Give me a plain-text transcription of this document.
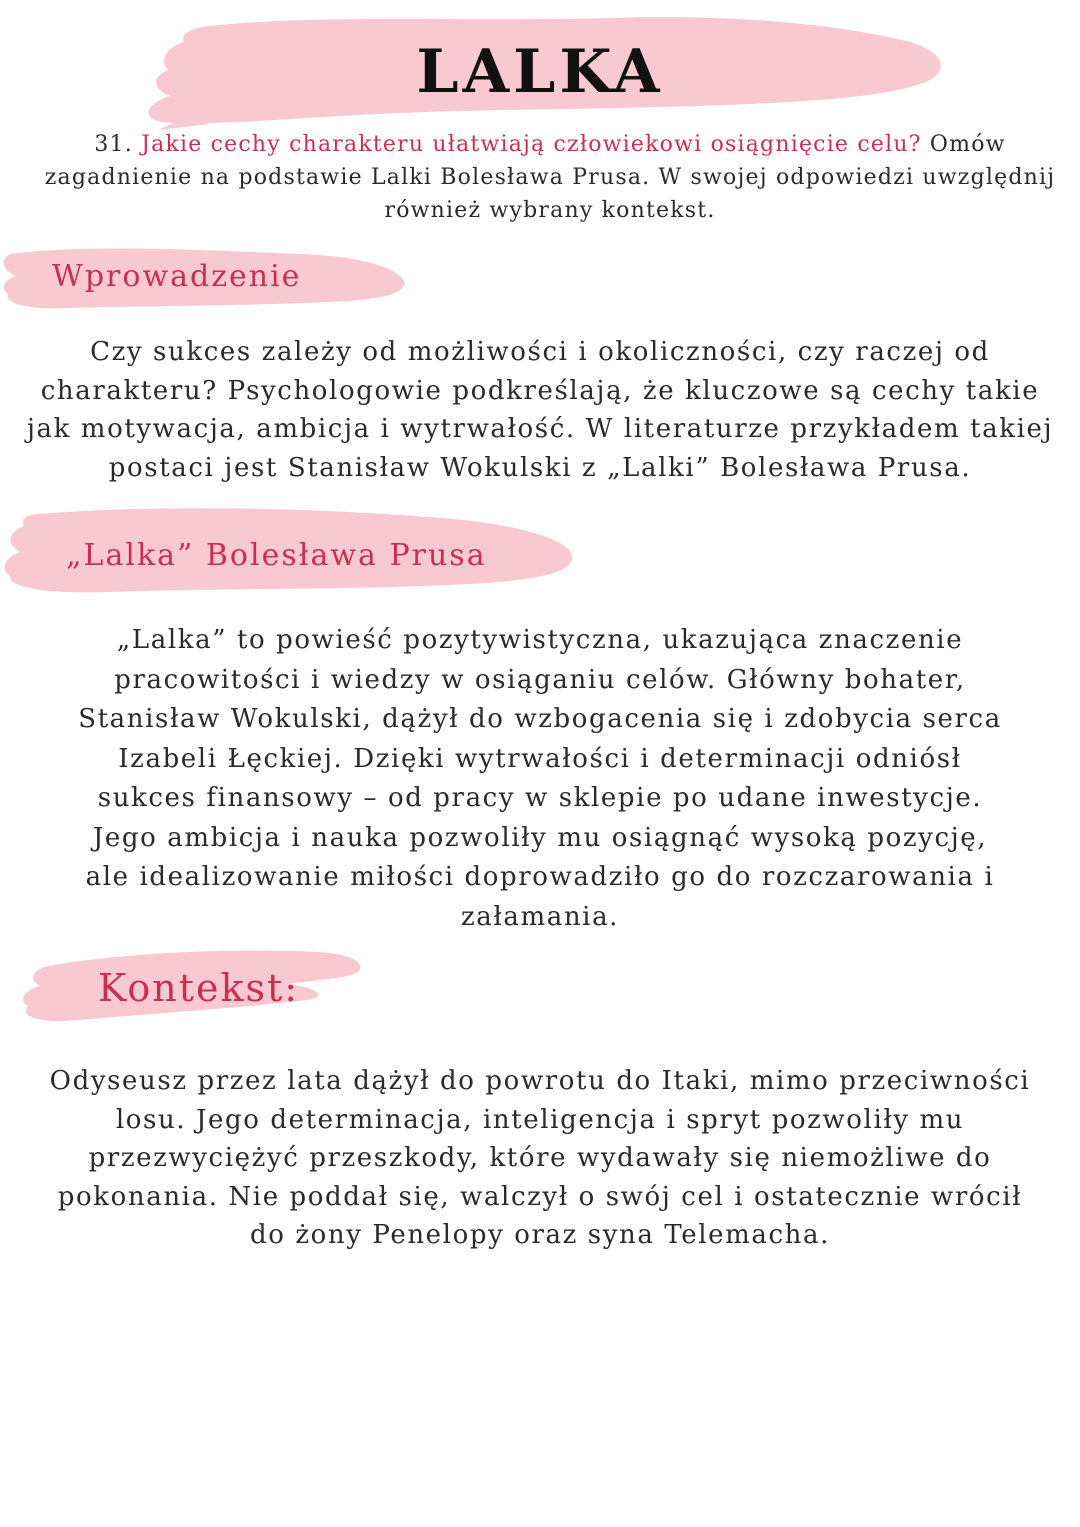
LALKA

31. Jakie cechy charakteru ułatwiają człowiekowi osiągnięcie celu? Omów
zagadnienie na podstawie Lalki Bolesława Prusa. W swojej odpowiedzi uwzględnij
również wybrany kontekst.

Wprowadzenie

Czy sukces zależy od możliwości i okoliczności, czy raczej od
charakteru? Psychologowie podkreślają, że kluczowe są cechy takie
jak motywacja, ambicja i wytrwałość. W literaturze przykładem takiej
postaci jest Stanisław Wokulski z „Lalki” Bolesława Prusa.

„Lalka” Bolesława Prusa

„Lalka” to powieść pozytywistyczna, ukazująca znaczenie
pracowitości i wiedzy w osiąganiu celów. Główny bohater,
Stanisław Wokulski, dążył do wzbogacenia się i zdobycia serca
Izabeli Łęckiej. Dzięki wytrwałości i determinacji odniósł
sukces finansowy – od pracy w sklepie po udane inwestycje.
Jego ambicja i nauka pozwoliły mu osiągnąć wysoką pozycję,
ale idealizowanie miłości doprowadziło go do rozczarowania i
załamania.

Kontekst:

Odyseusz przez lata dążył do powrotu do Itaki, mimo przeciwności
losu. Jego determinacja, inteligencja i spryt pozwoliły mu
przezwyciężyć przeszkody, które wydawały się niemożliwe do
pokonania. Nie poddał się, walczył o swój cel i ostatecznie wrócił
do żony Penelopy oraz syna Telemacha.
